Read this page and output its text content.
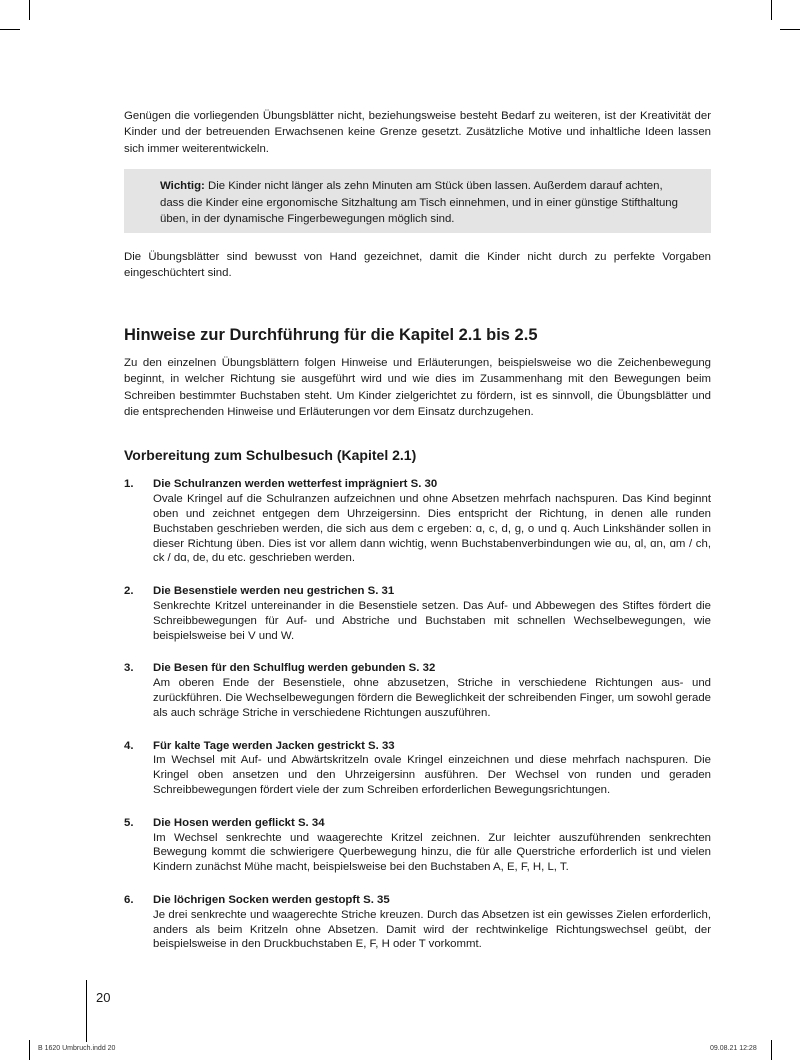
Genügen die vorliegenden Übungsblätter nicht, beziehungsweise besteht Bedarf zu weiteren, ist der Kreativität der Kinder und der betreuenden Erwachsenen keine Grenze gesetzt. Zusätzliche Motive und inhaltliche Ideen lassen sich immer weiterentwickeln.

Wichtig: Die Kinder nicht länger als zehn Minuten am Stück üben lassen. Außerdem darauf achten, dass die Kinder eine ergonomische Sitzhaltung am Tisch einnehmen, und in einer günstige Stifthaltung üben, in der dynamische Fingerbewegungen möglich sind.

Die Übungsblätter sind bewusst von Hand gezeichnet, damit die Kinder nicht durch zu perfekte Vorgaben eingeschüchtert sind.

Hinweise zur Durchführung für die Kapitel 2.1 bis 2.5

Zu den einzelnen Übungsblättern folgen Hinweise und Erläuterungen, beispielsweise wo die Zeichenbewegung beginnt, in welcher Richtung sie ausgeführt wird und wie dies im Zusammenhang mit den Bewegungen beim Schreiben bestimmter Buchstaben steht. Um Kinder zielgerichtet zu fördern, ist es sinnvoll, die Übungsblätter und die entsprechenden Hinweise und Erläuterungen vor dem Einsatz durchzugehen.

Vorbereitung zum Schulbesuch (Kapitel 2.1)
1.	Die Schulranzen werden wetterfest imprägniert S. 30
Ovale Kringel auf die Schulranzen aufzeichnen und ohne Absetzen mehrfach nachspuren. Das Kind beginnt oben und zeichnet entgegen dem Uhrzeigersinn. Dies entspricht der Richtung, in denen alle runden Buchstaben geschrieben werden, die sich aus dem c ergeben: ɑ, c, d, g, o und q. Auch Linkshänder sollen in dieser Richtung üben. Dies ist vor allem dann wichtig, wenn Buchstabenverbindungen wie ɑu, ɑl, ɑn, ɑm / ch, ck / dɑ, de, du etc. geschrieben werden.
2.	Die Besenstiele werden neu gestrichen S. 31
Senkrechte Kritzel untereinander in die Besenstiele setzen. Das Auf- und Abbewegen des Stiftes fördert die Schreibbewegungen für Auf- und Abstriche und Buchstaben mit schnellen Wechselbewegungen, wie beispielsweise bei V und W.
3.	Die Besen für den Schulflug werden gebunden S. 32
Am oberen Ende der Besenstiele, ohne abzusetzen, Striche in verschiedene Richtungen aus- und zurückführen. Die Wechselbewegungen fördern die Beweglichkeit der schreibenden Finger, um sowohl gerade als auch schräge Striche in verschiedene Richtungen auszuführen.
4.	Für kalte Tage werden Jacken gestrickt S. 33
Im Wechsel mit Auf- und Abwärtskritzeln ovale Kringel einzeichnen und diese mehrfach nachspuren. Die Kringel oben ansetzen und den Uhrzeigersinn ausführen. Der Wechsel von runden und geraden Schreibbewegungen fördert viele der zum Schreiben erforderlichen Bewegungsrichtungen.
5.	Die Hosen werden geflickt S. 34
Im Wechsel senkrechte und waagerechte Kritzel zeichnen. Zur leichter auszuführenden senkrechten Bewegung kommt die schwierigere Querbewegung hinzu, die für alle Querstriche erforderlich ist und vielen Kindern zunächst Mühe macht, beispielsweise bei den Buchstaben A, E, F, H, L, T.
6.	Die löchrigen Socken werden gestopft S. 35
Je drei senkrechte und waagerechte Striche kreuzen. Durch das Absetzen ist ein gewisses Zielen erforderlich, anders als beim Kritzeln ohne Absetzen. Damit wird der rechtwinkelige Richtungswechsel geübt, der beispielsweise in den Druckbuchstaben E, F, H oder T vorkommt.
20
B 1620 Umbruch.indd 20	09.08.21 12:28
